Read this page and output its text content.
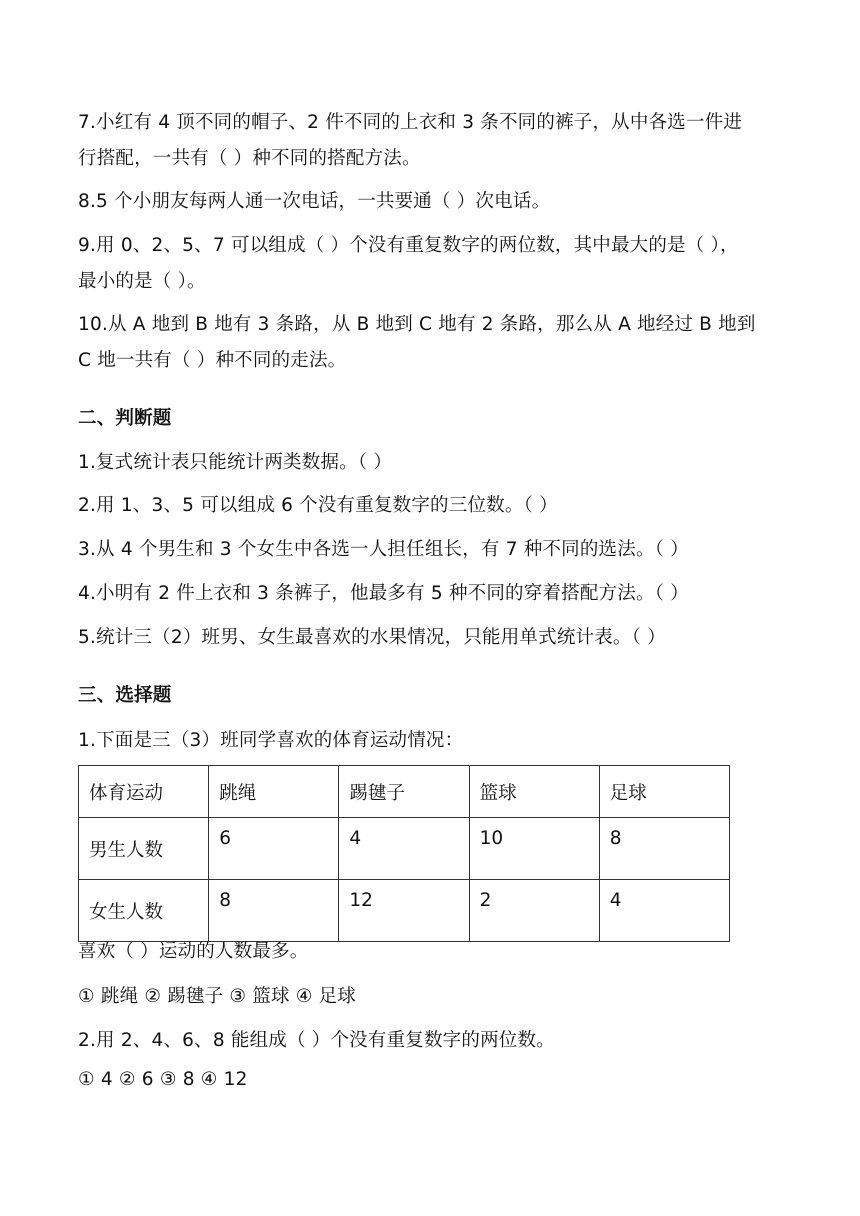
7.小红有 4 顶不同的帽子、2 件不同的上衣和 3 条不同的裤子，从中各选一件进
行搭配，一共有（ ）种不同的搭配方法。
8.5 个小朋友每两人通一次电话，一共要通（ ）次电话。
9.用 0、2、5、7 可以组成（ ）个没有重复数字的两位数，其中最大的是（ ），
最小的是（ ）。
10.从 A 地到 B 地有 3 条路，从 B 地到 C 地有 2 条路，那么从 A 地经过 B 地到
C 地一共有（ ）种不同的走法。
二、判断题
1.复式统计表只能统计两类数据。（ ）
2.用 1、3、5 可以组成 6 个没有重复数字的三位数。（ ）
3.从 4 个男生和 3 个女生中各选一人担任组长，有 7 种不同的选法。（ ）
4.小明有 2 件上衣和 3 条裤子，他最多有 5 种不同的穿着搭配方法。（ ）
5.统计三（2）班男、女生最喜欢的水果情况，只能用单式统计表。（ ）
三、选择题
1.下面是三（3）班同学喜欢的体育运动情况：
体育运动	跳绳	踢毽子	篮球	足球
男生人数	6	4	10	8
女生人数	8	12	2	4
喜欢（ ）运动的人数最多。
① 跳绳 ② 踢毽子 ③ 篮球 ④ 足球
2.用 2、4、6、8 能组成（ ）个没有重复数字的两位数。
① 4 ② 6 ③ 8 ④ 12
